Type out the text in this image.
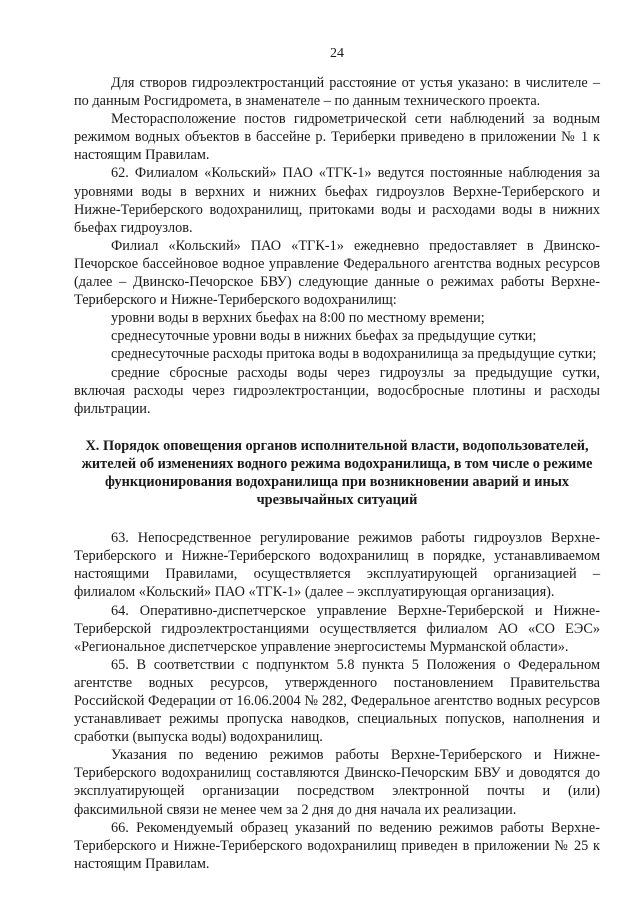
24

Для створов гидроэлектростанций расстояние от устья указано: в числителе – по данным Росгидромета, в знаменателе – по данным технического проекта.

Месторасположение постов гидрометрической сети наблюдений за водным режимом водных объектов в бассейне р. Териберки приведено в приложении № 1 к настоящим Правилам.

62. Филиалом «Кольский» ПАО «ТГК-1» ведутся постоянные наблюдения за уровнями воды в верхних и нижних бьефах гидроузлов Верхне-Териберского и Нижне-Териберского водохранилищ, притоками воды и расходами воды в нижних бьефах гидроузлов.

Филиал «Кольский» ПАО «ТГК-1» ежедневно предоставляет в Двинско-Печорское бассейновое водное управление Федерального агентства водных ресурсов (далее – Двинско-Печорское БВУ) следующие данные о режимах работы Верхне-Териберского и Нижне-Териберского водохранилищ:

уровни воды в верхних бьефах на 8:00 по местному времени;

среднесуточные уровни воды в нижних бьефах за предыдущие сутки;

среднесуточные расходы притока воды в водохранилища за предыдущие сутки;

средние сбросные расходы воды через гидроузлы за предыдущие сутки, включая расходы через гидроэлектростанции, водосбросные плотины и расходы фильтрации.

X. Порядок оповещения органов исполнительной власти, водопользователей,
жителей об изменениях водного режима водохранилища, в том числе о режиме
функционирования водохранилища при возникновении аварий и иных
чрезвычайных ситуаций

63. Непосредственное регулирование режимов работы гидроузлов Верхне-Териберского и Нижне-Териберского водохранилищ в порядке, устанавливаемом настоящими Правилами, осуществляется эксплуатирующей организацией – филиалом «Кольский» ПАО «ТГК-1» (далее – эксплуатирующая организация).

64. Оперативно-диспетчерское управление Верхне-Териберской и Нижне-Териберской гидроэлектростанциями осуществляется филиалом АО «СО ЕЭС» «Региональное диспетчерское управление энергосистемы Мурманской области».

65. В соответствии с подпунктом 5.8 пункта 5 Положения о Федеральном агентстве водных ресурсов, утвержденного постановлением Правительства Российской Федерации от 16.06.2004 № 282, Федеральное агентство водных ресурсов устанавливает режимы пропуска наводков, специальных попусков, наполнения и сработки (выпуска воды) водохранилищ.

Указания по ведению режимов работы Верхне-Териберского и Нижне-Териберского водохранилищ составляются Двинско-Печорским БВУ и доводятся до эксплуатирующей организации посредством электронной почты и (или) факсимильной связи не менее чем за 2 дня до дня начала их реализации.

66. Рекомендуемый образец указаний по ведению режимов работы Верхне-Териберского и Нижне-Териберского водохранилищ приведен в приложении № 25 к настоящим Правилам.
